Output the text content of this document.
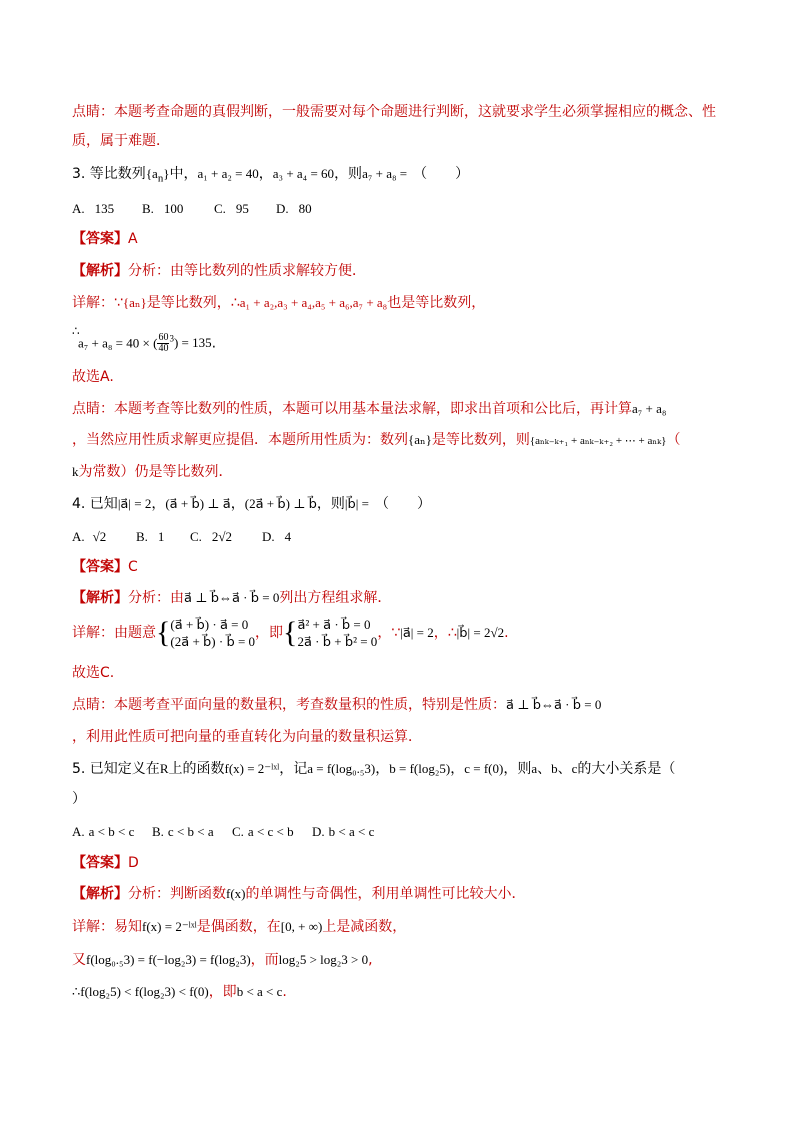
点睛：本题考查命题的真假判断，一般需要对每个命题进行判断，这就要求学生必须掌握相应的概念、性
质，属于难题．
3. 等比数列$\{a_n\}$中，a₁ + a₂ = 40，a₃ + a₄ = 60，则a₇ + a₈ = （　　）
A. 135 B. 100 C. 95 D. 80
【答案】A
【解析】分析：由等比数列的性质求解较方便．
详解：∵{aₙ}是等比数列，∴a₁ + a₂,a₃ + a₄,a₅ + a₆,a₇ + a₈也是等比数列，
∴
a₇ + a₈ = 40 × ( $\frac{60}{40} ^3) = 135$.
故选A.
点睛：本题考查等比数列的性质，本题可以用基本量法求解，即求出首项和公比后，再计算a₇ + a₈
，当然应用性质求解更应提倡．本题所用性质为：数列{aₙ}是等比数列，则{aₙₖ₋ₖ₊₁ + aₙₖ₋ₖ₊₂ + ⋯ + aₙₖ}（
k为常数）仍是等比数列．
4. 已知|a⃗| = 2，(a⃗ + b⃗) ⊥ a⃗，(2a⃗ + b⃗) ⊥ b⃗，则|b⃗| = （　　）
A. √2 B. 1 C. 2√2 D. 4
【答案】C
【解析】分析：由a⃗ ⊥ b⃗⇔a⃗ · b⃗ = 0列出方程组求解．
详解：由题意{ (a⃗ + b⃗) · a⃗ = 0
(2a⃗ + b⃗) · b⃗ = 0
，即{ a⃗² + a⃗ · b⃗ = 0
2a⃗ · b⃗ + b⃗² = 0
，∵|a⃗| = 2，∴|b⃗| = 2√2.
故选C.
点睛：本题考查平面向量的数量积，考查数量积的性质，特别是性质：a⃗ ⊥ b⃗⇔a⃗ · b⃗ = 0
，利用此性质可把向量的垂直转化为向量的数量积运算．
5. 已知定义在R上的函数f(x) = 2⁻ˡˣˡ，记a = f(log₀.₅3)，b = f(log₂5)，c = f(0)，则a、b、c的大小关系是（
）
A. a < b < c B. c < b < a C. a < c < b D. b < a < c
【答案】D
【解析】分析：判断函数f(x)的单调性与奇偶性，利用单调性可比较大小．
详解：易知f(x) = 2⁻ˡˣˡ是偶函数，在[0, + ∞)上是减函数，
又f(log₀.₅3) = f(−log₂3) = f(log₂3)，而log₂5 > log₂3 > 0,
∴f(log₂5) < f(log₂3) < f(0)，即b < a < c.
